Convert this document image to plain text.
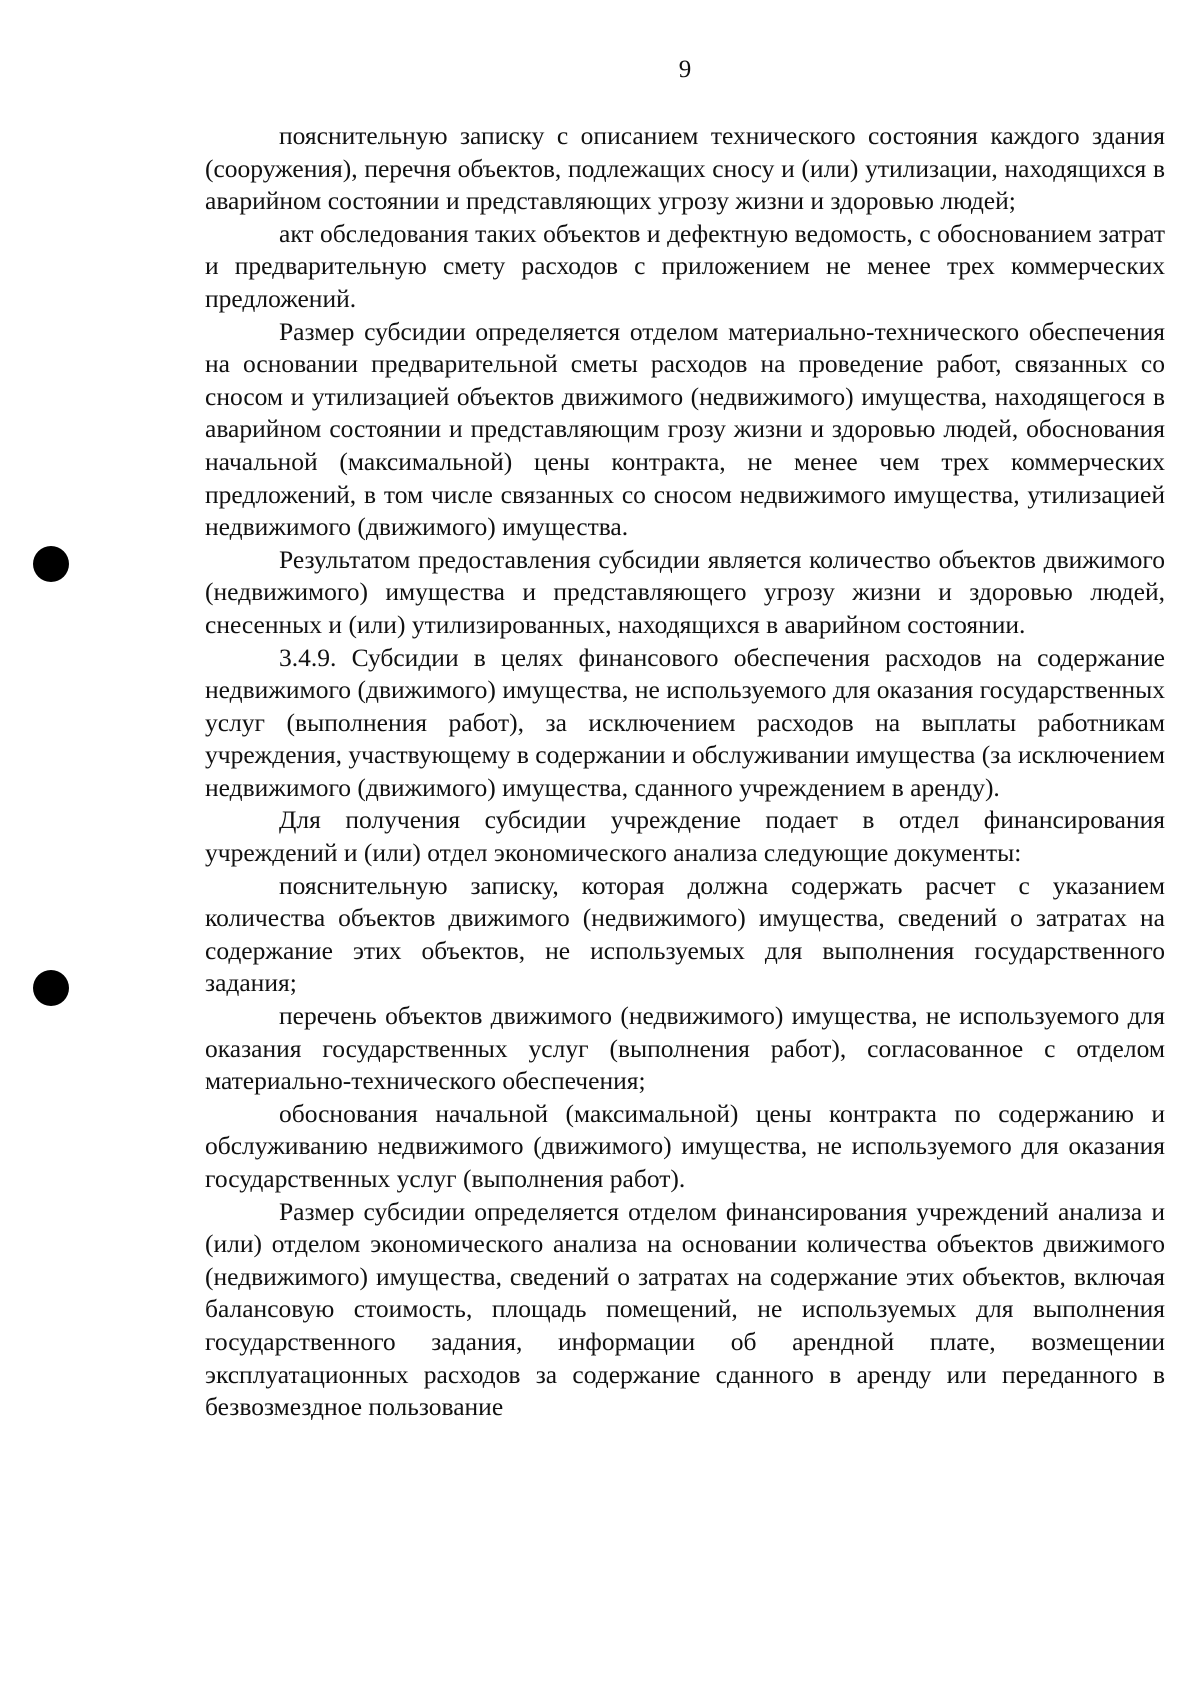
9

пояснительную записку с описанием технического состояния каждого здания (сооружения), перечня объектов, подлежащих сносу и (или) утилизации, находящихся в аварийном состоянии и представляющих угрозу жизни и здоровью людей;

акт обследования таких объектов и дефектную ведомость, с обоснованием затрат и предварительную смету расходов с приложением не менее трех коммерческих предложений.

Размер субсидии определяется отделом материально-технического обеспечения на основании предварительной сметы расходов на проведение работ, связанных со сносом и утилизацией объектов движимого (недвижимого) имущества, находящегося в аварийном состоянии и представляющим грозу жизни и здоровью людей, обоснования начальной (максимальной) цены контракта, не менее чем трех коммерческих предложений, в том числе связанных со сносом недвижимого имущества, утилизацией недвижимого (движимого) имущества.

Результатом предоставления субсидии является количество объектов движимого (недвижимого) имущества и представляющего угрозу жизни и здоровью людей, снесенных и (или) утилизированных, находящихся в аварийном состоянии.

3.4.9. Субсидии в целях финансового обеспечения расходов на содержание недвижимого (движимого) имущества, не используемого для оказания государственных услуг (выполнения работ), за исключением расходов на выплаты работникам учреждения, участвующему в содержании и обслуживании имущества (за исключением недвижимого (движимого) имущества, сданного учреждением в аренду).

Для получения субсидии учреждение подает в отдел финансирования учреждений и (или) отдел экономического анализа следующие документы:

пояснительную записку, которая должна содержать расчет с указанием количества объектов движимого (недвижимого) имущества, сведений о затратах на содержание этих объектов, не используемых для выполнения государственного задания;

перечень объектов движимого (недвижимого) имущества, не используемого для оказания государственных услуг (выполнения работ), согласованное с отделом материально-технического обеспечения;

обоснования начальной (максимальной) цены контракта по содержанию и обслуживанию недвижимого (движимого) имущества, не используемого для оказания государственных услуг (выполнения работ).

Размер субсидии определяется отделом финансирования учреждений анализа и (или) отделом экономического анализа на основании количества объектов движимого (недвижимого) имущества, сведений о затратах на содержание этих объектов, включая балансовую стоимость, площадь помещений, не используемых для выполнения государственного задания, информации об арендной плате, возмещении эксплуатационных расходов за содержание сданного в аренду или переданного в безвозмездное пользование
